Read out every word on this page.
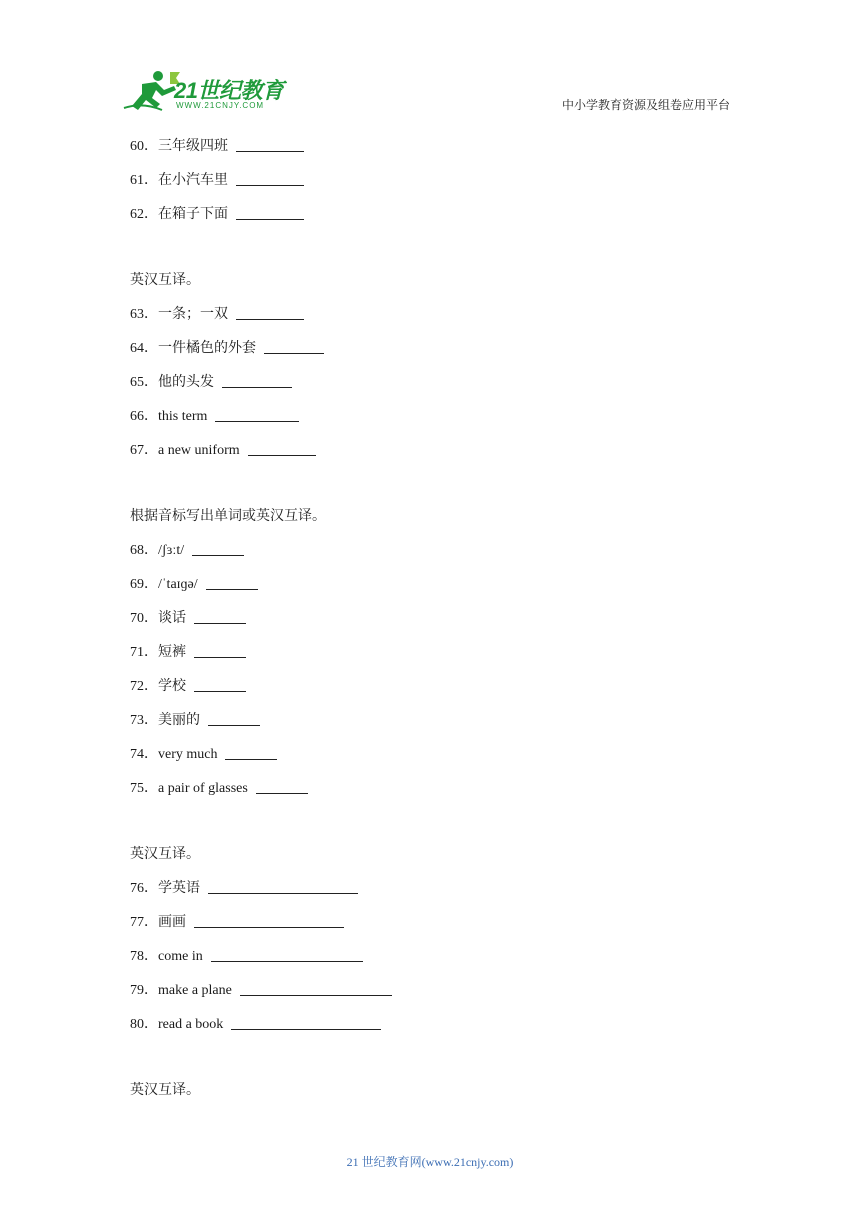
21世纪教育
WWW.21CNJY.COM	中小学教育资源及组卷应用平台
60．三年级四班
61．在小汽车里
62．在箱子下面
英汉互译。
63．一条；一双
64．一件橘色的外套
65．他的头发
66．this term
67．a new uniform
根据音标写出单词或英汉互译。
68．/ʃɜːt/
69．/ˈtaɪɡə/
70．谈话
71．短裤
72．学校
73．美丽的
74．very much
75．a pair of glasses
英汉互译。
76．学英语
77．画画
78．come in
79．make a plane
80．read a book
英汉互译。
21 世纪教育网(www.21cnjy.com)
